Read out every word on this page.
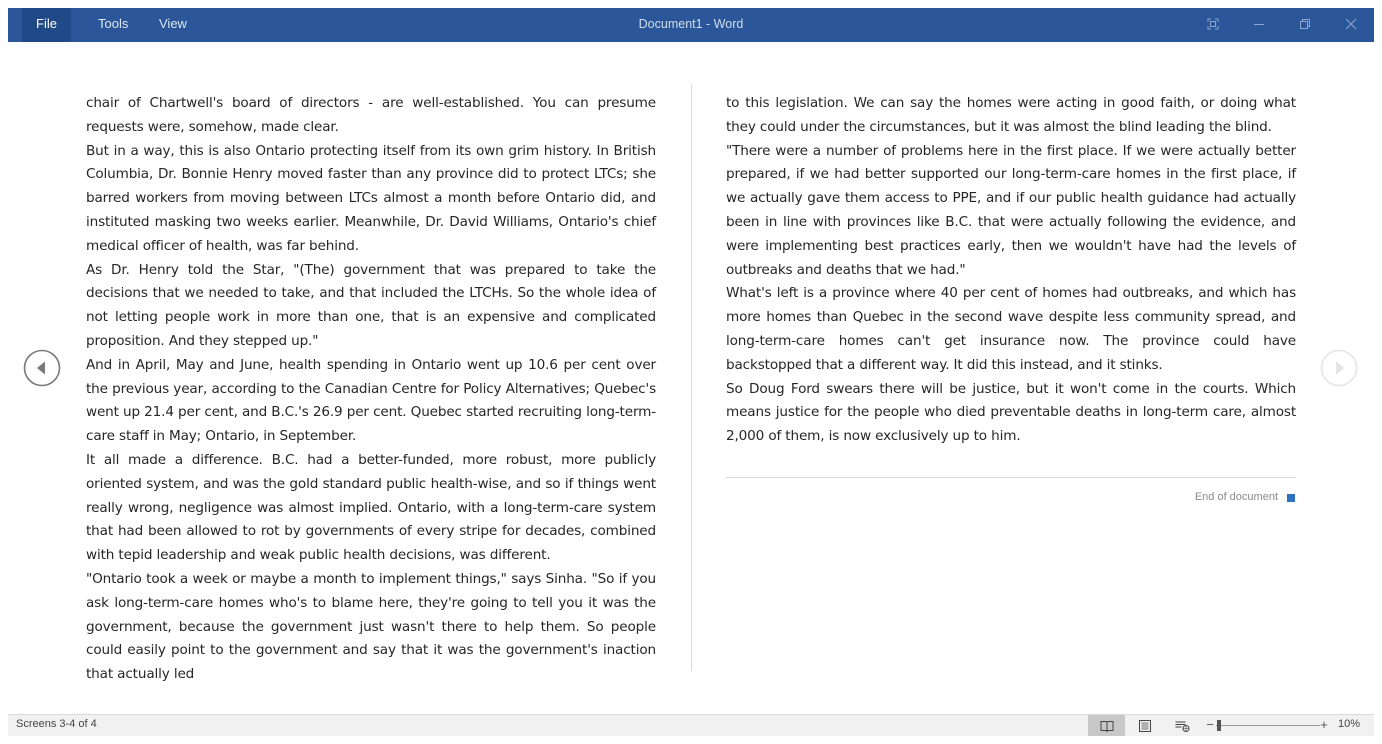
File	Tools	View	Document1 - Word

chair of Chartwell's board of directors - are well-established. You can presume requests were, somehow, made clear.

But in a way, this is also Ontario protecting itself from its own grim history. In British Columbia, Dr. Bonnie Henry moved faster than any province did to protect LTCs; she barred workers from moving between LTCs almost a month before Ontario did, and instituted masking two weeks earlier. Meanwhile, Dr. David Williams, Ontario's chief medical officer of health, was far behind.

As Dr. Henry told the Star, "(The) government that was prepared to take the decisions that we needed to take, and that included the LTCHs. So the whole idea of not letting people work in more than one, that is an expensive and complicated proposition. And they stepped up."

And in April, May and June, health spending in Ontario went up 10.6 per cent over the previous year, according to the Canadian Centre for Policy Alternatives; Quebec's went up 21.4 per cent, and B.C.'s 26.9 per cent. Quebec started recruiting long-term-care staff in May; Ontario, in September.

It all made a difference. B.C. had a better-funded, more robust, more publicly oriented system, and was the gold standard public health-wise, and so if things went really wrong, negligence was almost implied. Ontario, with a long-term-care system that had been allowed to rot by governments of every stripe for decades, combined with tepid leadership and weak public health decisions, was different.

"Ontario took a week or maybe a month to implement things," says Sinha. "So if you ask long-term-care homes who's to blame here, they're going to tell you it was the government, because the government just wasn't there to help them. So people could easily point to the government and say that it was the government's inaction that actually led

to this legislation. We can say the homes were acting in good faith, or doing what they could under the circumstances, but it was almost the blind leading the blind.

"There were a number of problems here in the first place. If we were actually better prepared, if we had better supported our long-term-care homes in the first place, if we actually gave them access to PPE, and if our public health guidance had actually been in line with provinces like B.C. that were actually following the evidence, and were implementing best practices early, then we wouldn't have had the levels of outbreaks and deaths that we had."

What's left is a province where 40 per cent of homes had outbreaks, and which has more homes than Quebec in the second wave despite less community spread, and long-term-care homes can't get insurance now. The province could have backstopped that a different way. It did this instead, and it stinks.

So Doug Ford swears there will be justice, but it won't come in the courts. Which means justice for the people who died preventable deaths in long-term care, almost 2,000 of them, is now exclusively up to him.

End of document
Screens 3-4 of 4	−	+ 10%
